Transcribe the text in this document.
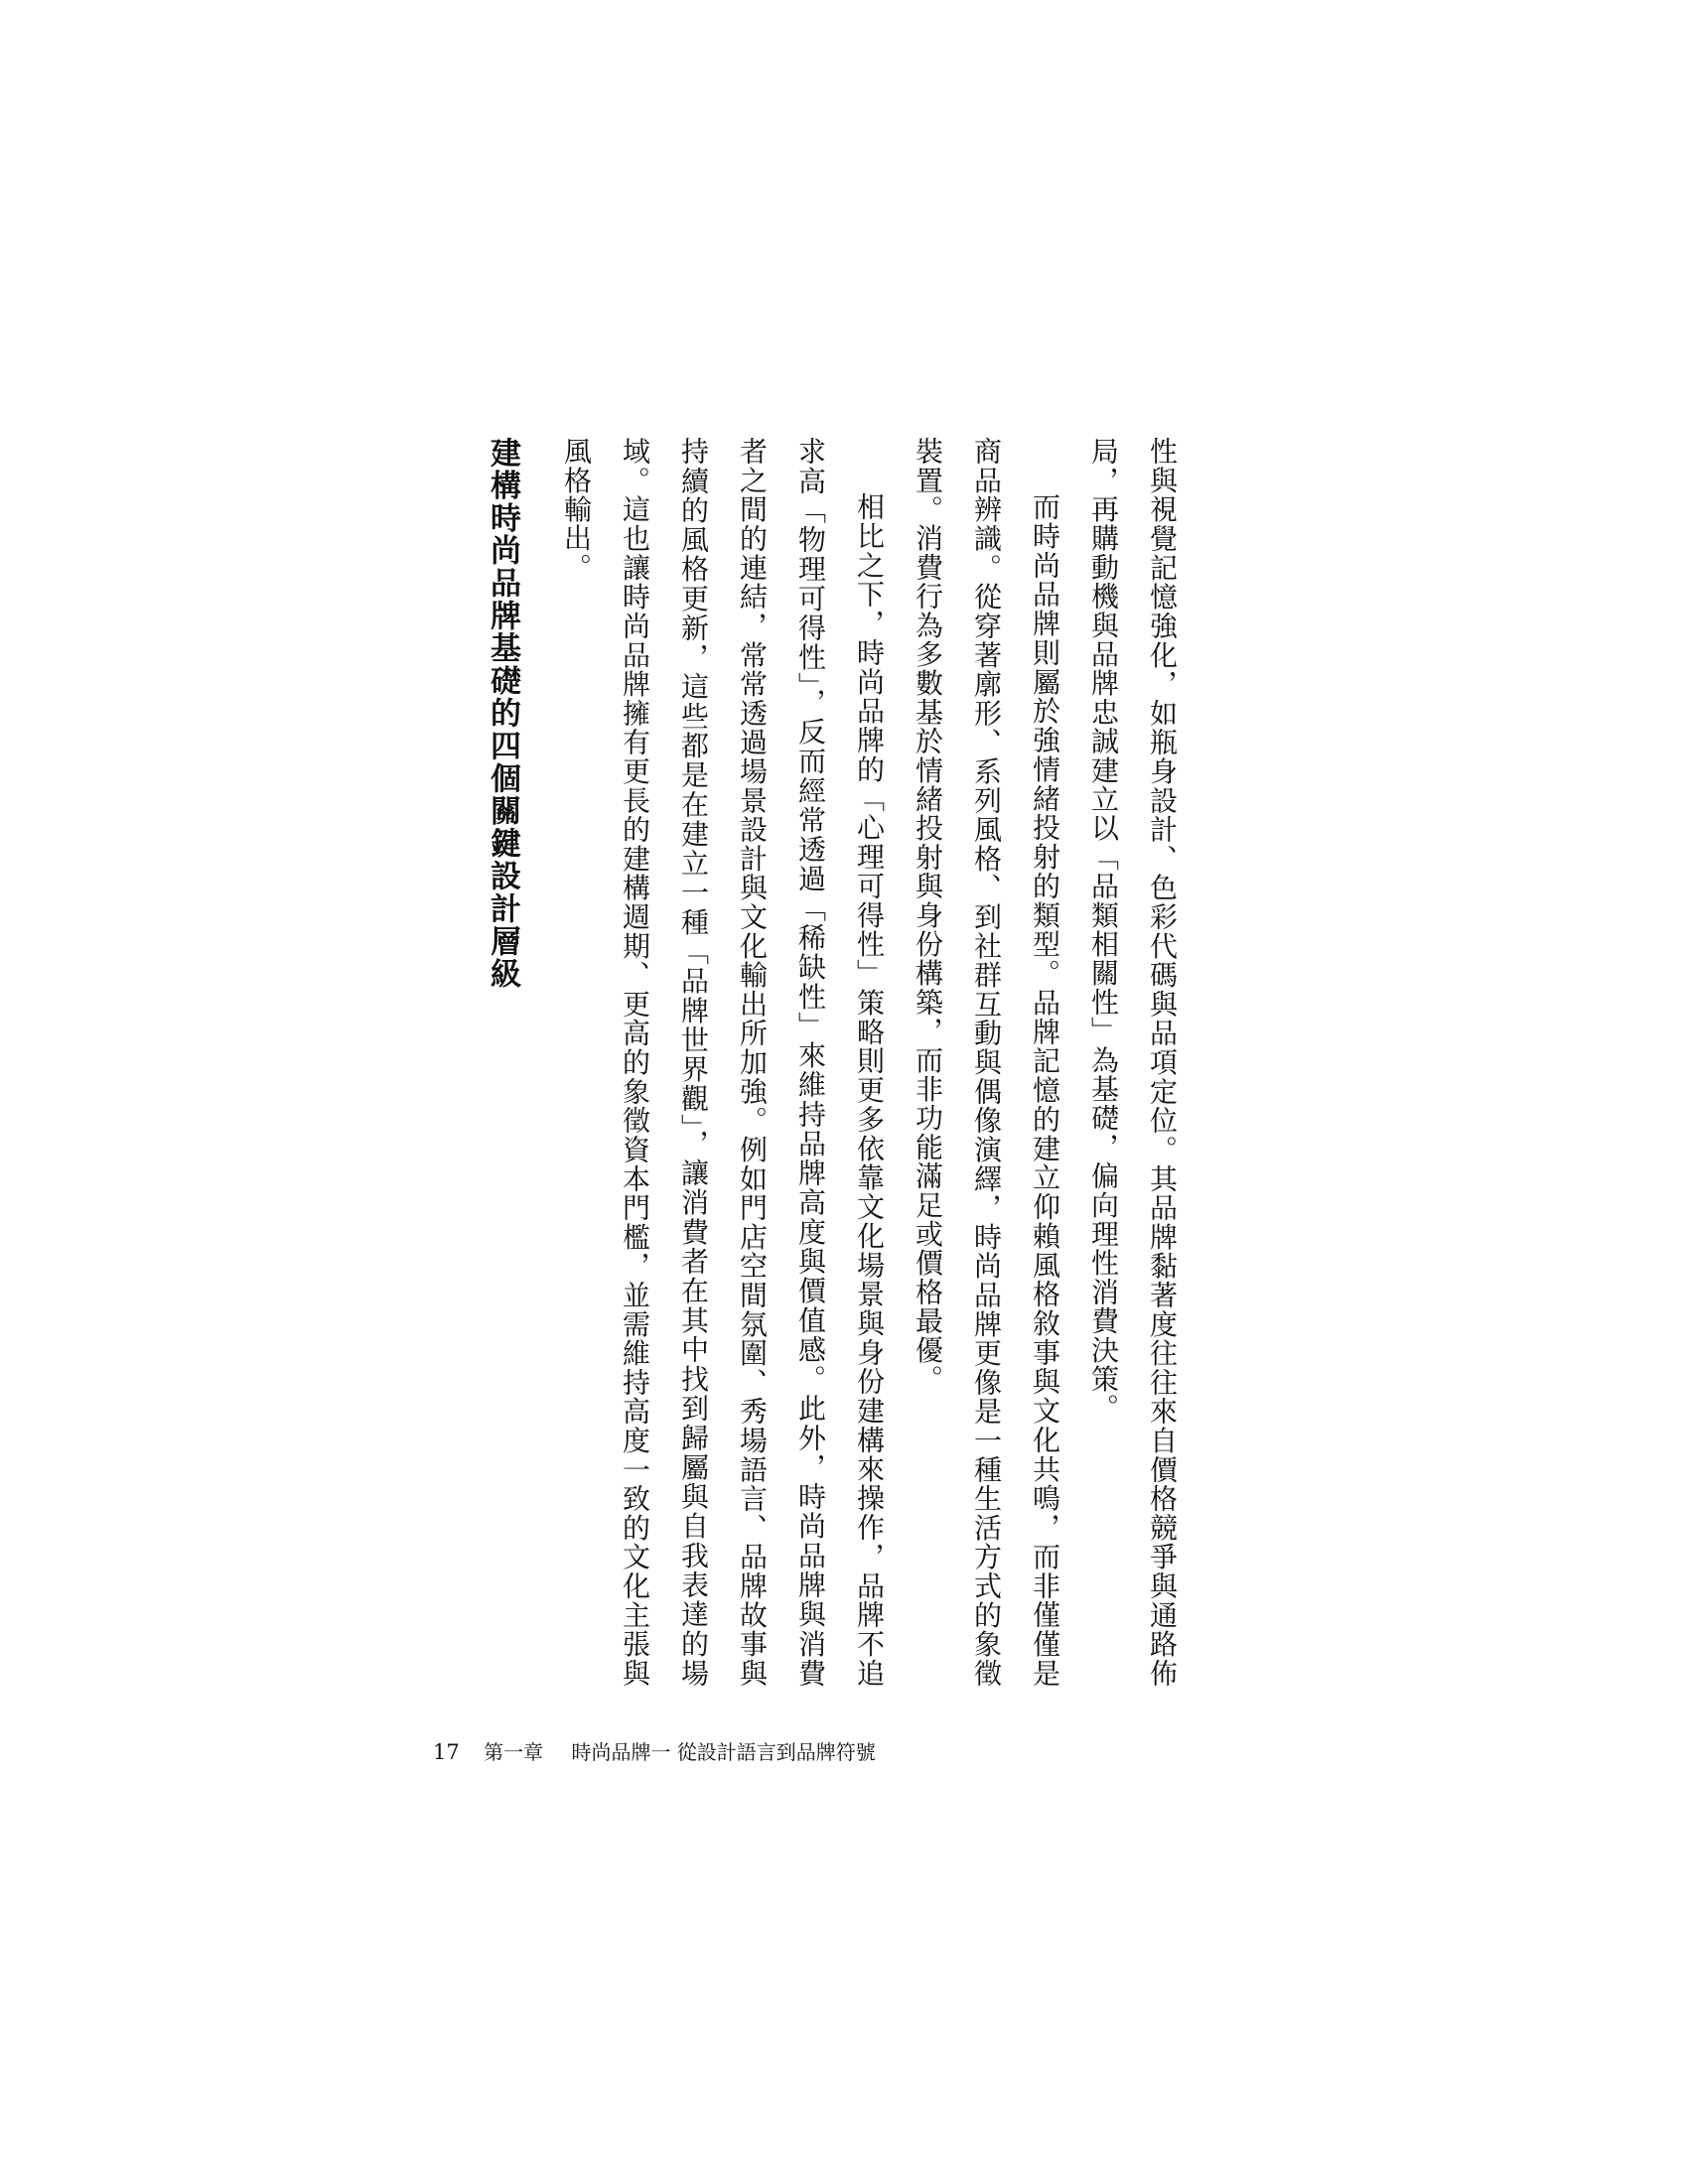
性與視覺記憶強化，如瓶身設計、色彩代碼與品項定位。其品牌黏著度往往來自價格競爭與通路佈局，再購動機與品牌忠誠建立以「品類相關性」為基礎，偏向理性消費決策。

而時尚品牌則屬於強情緒投射的類型。品牌記憶的建立仰賴風格敘事與文化共鳴，而非僅僅是商品辨識。從穿著廓形、系列風格、到社群互動與偶像演繹，時尚品牌更像是一種生活方式的象徵裝置。消費行為多數基於情緒投射與身份構築，而非功能滿足或價格最優。

相比之下，時尚品牌的「心理可得性」策略則更多依靠文化場景與身份建構來操作，品牌不追求高「物理可得性」，反而經常透過「稀缺性」來維持品牌高度與價值感。此外，時尚品牌與消費者之間的連結，常常透過場景設計與文化輸出所加強。例如門店空間氛圍、秀場語言、品牌故事與持續的風格更新，這些都是在建立一種「品牌世界觀」，讓消費者在其中找到歸屬與自我表達的場域。這也讓時尚品牌擁有更長的建構週期、更高的象徵資本門檻，並需維持高度一致的文化主張與風格輸出。

建構時尚品牌基礎的四個關鍵設計層級
17 第一章 時尚品牌一 從設計語言到品牌符號
